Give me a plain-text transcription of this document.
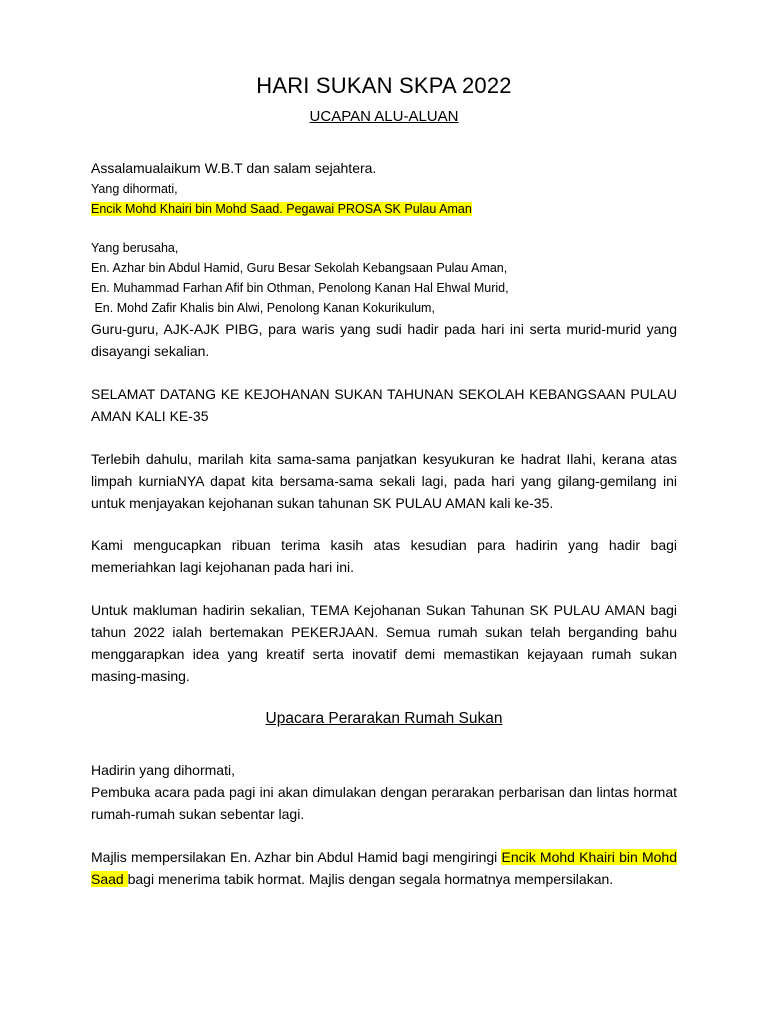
HARI SUKAN SKPA 2022
UCAPAN ALU-ALUAN
Assalamualaikum W.B.T dan salam sejahtera.
Yang dihormati,
Encik Mohd Khairi bin Mohd Saad. Pegawai PROSA SK Pulau Aman
Yang berusaha,
En. Azhar bin Abdul Hamid, Guru Besar Sekolah Kebangsaan Pulau Aman,
En. Muhammad Farhan Afif bin Othman, Penolong Kanan Hal Ehwal Murid,
En. Mohd Zafir Khalis bin Alwi, Penolong Kanan Kokurikulum,
Guru-guru, AJK-AJK PIBG, para waris yang sudi hadir pada hari ini serta murid-murid yang disayangi sekalian.
SELAMAT DATANG KE KEJOHANAN SUKAN TAHUNAN SEKOLAH KEBANGSAAN PULAU AMAN KALI KE-35
Terlebih dahulu, marilah kita sama-sama panjatkan kesyukuran ke hadrat Ilahi, kerana atas limpah kurniaNYA dapat kita bersama-sama sekali lagi, pada hari yang gilang-gemilang ini untuk menjayakan kejohanan sukan tahunan SK PULAU AMAN kali ke-35.
Kami mengucapkan ribuan terima kasih atas kesudian para hadirin yang hadir bagi memeriahkan lagi kejohanan pada hari ini.
Untuk makluman hadirin sekalian, TEMA Kejohanan Sukan Tahunan SK PULAU AMAN bagi tahun 2022 ialah bertemakan PEKERJAAN. Semua rumah sukan telah berganding bahu menggarapkan idea yang kreatif serta inovatif demi memastikan kejayaan rumah sukan masing-masing.
Upacara Perarakan Rumah Sukan
Hadirin yang dihormati,
Pembuka acara pada pagi ini akan dimulakan dengan perarakan perbarisan dan lintas hormat rumah-rumah sukan sebentar lagi.
Majlis mempersilakan En. Azhar bin Abdul Hamid bagi mengiringi Encik Mohd Khairi bin Mohd Saad bagi menerima tabik hormat. Majlis dengan segala hormatnya mempersilakan.
